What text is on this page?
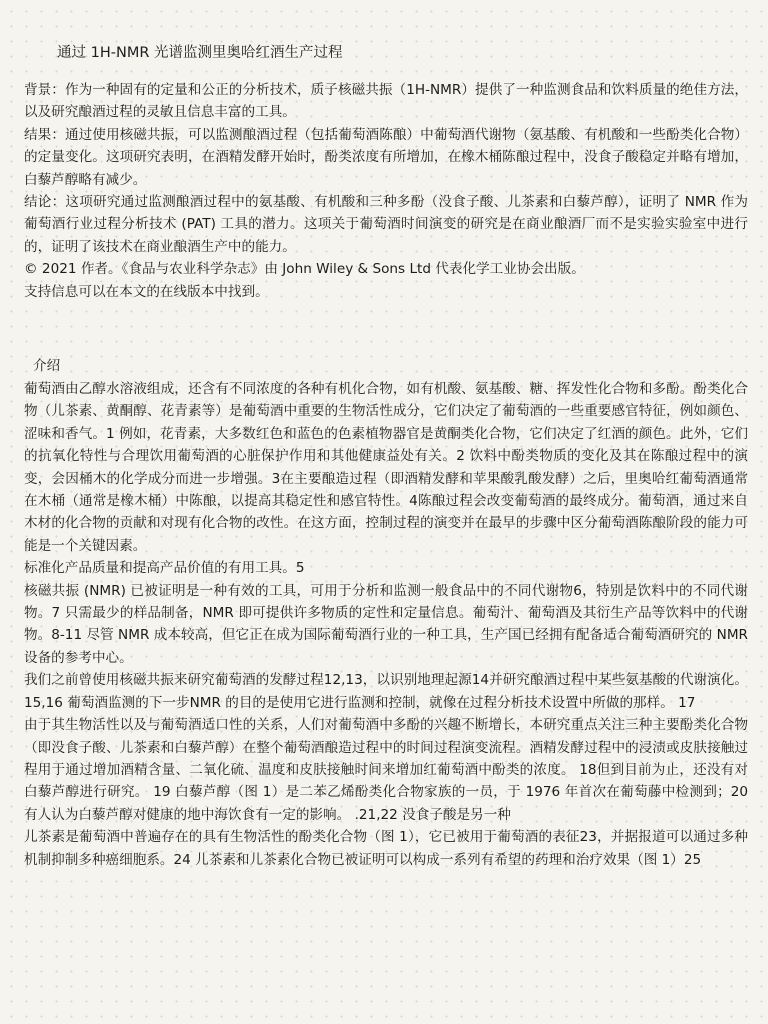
通过 1H-NMR 光谱监测里奥哈红酒生产过程

背景：作为一种固有的定量和公正的分析技术，质子核磁共振（1H-NMR）提供了一种监测食品和饮料质量的绝佳方法，以及研究酿酒过程的灵敏且信息丰富的工具。

结果：通过使用核磁共振，可以监测酿酒过程（包括葡萄酒陈酿）中葡萄酒代谢物（氨基酸、有机酸和一些酚类化合物）的定量变化。这项研究表明，在酒精发酵开始时，酚类浓度有所增加，在橡木桶陈酿过程中，没食子酸稳定并略有增加，白藜芦醇略有减少。

结论：这项研究通过监测酿酒过程中的氨基酸、有机酸和三种多酚（没食子酸、儿茶素和白藜芦醇），证明了 NMR 作为葡萄酒行业过程分析技术 (PAT) 工具的潜力。这项关于葡萄酒时间演变的研究是在商业酿酒厂而不是实验实验室中进行的，证明了该技术在商业酿酒生产中的能力。

© 2021 作者。《食品与农业科学杂志》由 John Wiley & Sons Ltd 代表化学工业协会出版。

支持信息可以在本文的在线版本中找到。

介绍

葡萄酒由乙醇水溶液组成，还含有不同浓度的各种有机化合物，如有机酸、氨基酸、糖、挥发性化合物和多酚。酚类化合物（儿茶素、黄酮醇、花青素等）是葡萄酒中重要的生物活性成分，它们决定了葡萄酒的一些重要感官特征，例如颜色、涩味和香气。1 例如，花青素，大多数红色和蓝色的色素植物器官是黄酮类化合物，它们决定了红酒的颜色。此外，它们的抗氧化特性与合理饮用葡萄酒的心脏保护作用和其他健康益处有关。2 饮料中酚类物质的变化及其在陈酿过程中的演变，会因桶木的化学成分而进一步增强。3在主要酿造过程（即酒精发酵和苹果酸乳酸发酵）之后，里奥哈红葡萄酒通常在木桶（通常是橡木桶）中陈酿，以提高其稳定性和感官特性。4陈酿过程会改变葡萄酒的最终成分。葡萄酒，通过来自木材的化合物的贡献和对现有化合物的改性。在这方面，控制过程的演变并在最早的步骤中区分葡萄酒陈酿阶段的能力可能是一个关键因素。

标准化产品质量和提高产品价值的有用工具。5

核磁共振 (NMR) 已被证明是一种有效的工具，可用于分析和监测一般食品中的不同代谢物6，特别是饮料中的不同代谢物。7 只需最少的样品制备，NMR 即可提供许多物质的定性和定量信息。葡萄汁、葡萄酒及其衍生产品等饮料中的代谢物。8-11 尽管 NMR 成本较高，但它正在成为国际葡萄酒行业的一种工具，生产国已经拥有配备适合葡萄酒研究的 NMR 设备的参考中心。

我们之前曾使用核磁共振来研究葡萄酒的发酵过程12,13，以识别地理起源14并研究酿酒过程中某些氨基酸的代谢演化。15,16 葡萄酒监测的下一步NMR 的目的是使用它进行监测和控制，就像在过程分析技术设置中所做的那样。 17

由于其生物活性以及与葡萄酒适口性的关系，人们对葡萄酒中多酚的兴趣不断增长，本研究重点关注三种主要酚类化合物（即没食子酸、儿茶素和白藜芦醇）在整个葡萄酒酿造过程中的时间过程演变流程。酒精发酵过程中的浸渍或皮肤接触过程用于通过增加酒精含量、二氧化硫、温度和皮肤接触时间来增加红葡萄酒中酚类的浓度。 18但到目前为止，还没有对白藜芦醇进行研究。 19 白藜芦醇（图 1）是二苯乙烯酚类化合物家族的一员，于 1976 年首次在葡萄藤中检测到；20 有人认为白藜芦醇对健康的地中海饮食有一定的影响。 .21,22 没食子酸是另一种

儿茶素是葡萄酒中普遍存在的具有生物活性的酚类化合物（图 1），它已被用于葡萄酒的表征23，并据报道可以通过多种机制抑制多种癌细胞系。24 儿茶素和儿茶素化合物已被证明可以构成一系列有希望的药理和治疗效果（图 1）25
